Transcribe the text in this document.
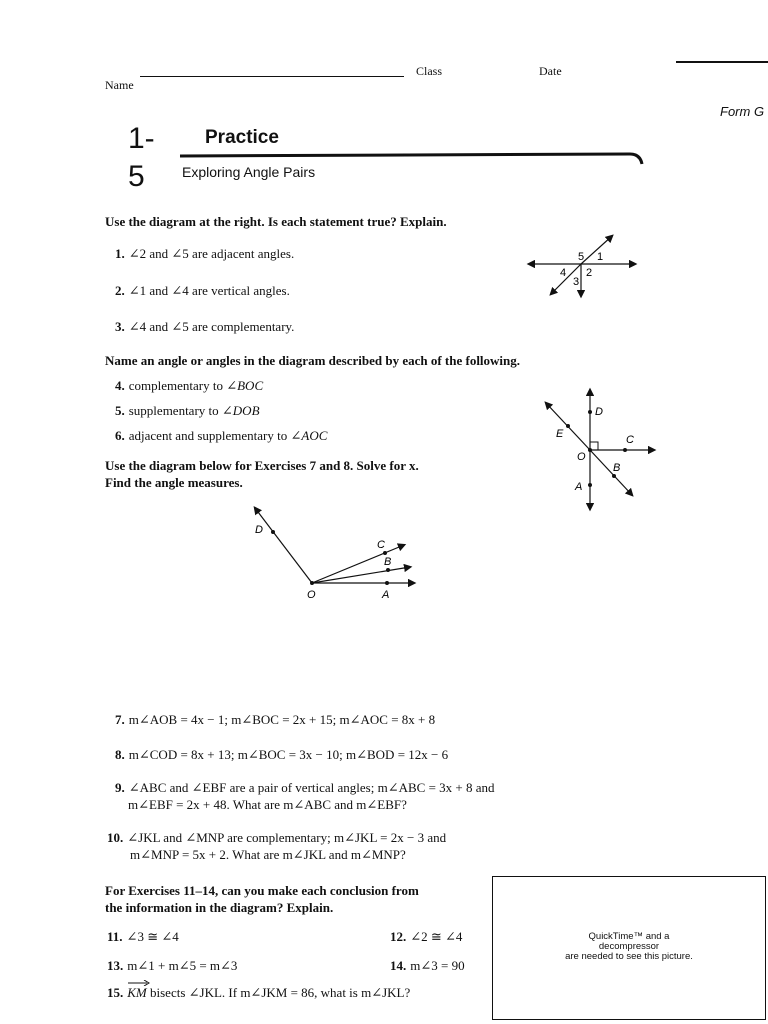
Name
Class	Date
Form G
1-
5
Practice
Exploring Angle Pairs
Use the diagram at the right. Is each statement true? Explain.
1. ∠2 and ∠5 are adjacent angles.
2. ∠1 and ∠4 are vertical angles.
3. ∠4 and ∠5 are complementary.
5 1
4 2
3
Name an angle or angles in the diagram described by each of the following.
4. complementary to ∠BOC
5. supplementary to ∠DOB
6. adjacent and supplementary to ∠AOC
D
E	C
O
B
A
Use the diagram below for Exercises 7 and 8. Solve for x.
Find the angle measures.
D
C
B
O	A
7. m∠AOB = 4x − 1; m∠BOC = 2x + 15; m∠AOC = 8x + 8
8. m∠COD = 8x + 13; m∠BOC = 3x − 10; m∠BOD = 12x − 6
9. ∠ABC and ∠EBF are a pair of vertical angles; m∠ABC = 3x + 8 and
m∠EBF = 2x + 48. What are m∠ABC and m∠EBF?
10. ∠JKL and ∠MNP are complementary; m∠JKL = 2x − 3 and
m∠MNP = 5x + 2. What are m∠JKL and m∠MNP?
For Exercises 11–14, can you make each conclusion from
the information in the diagram? Explain.
11. ∠3 ≅ ∠4	12. ∠2 ≅ ∠4
13. m∠1 + m∠5 = m∠3	14. m∠3 = 90
15. KM bisects ∠JKL. If m∠JKM = 86, what is m∠JKL?
QuickTime™ and a
decompressor
are needed to see this picture.
